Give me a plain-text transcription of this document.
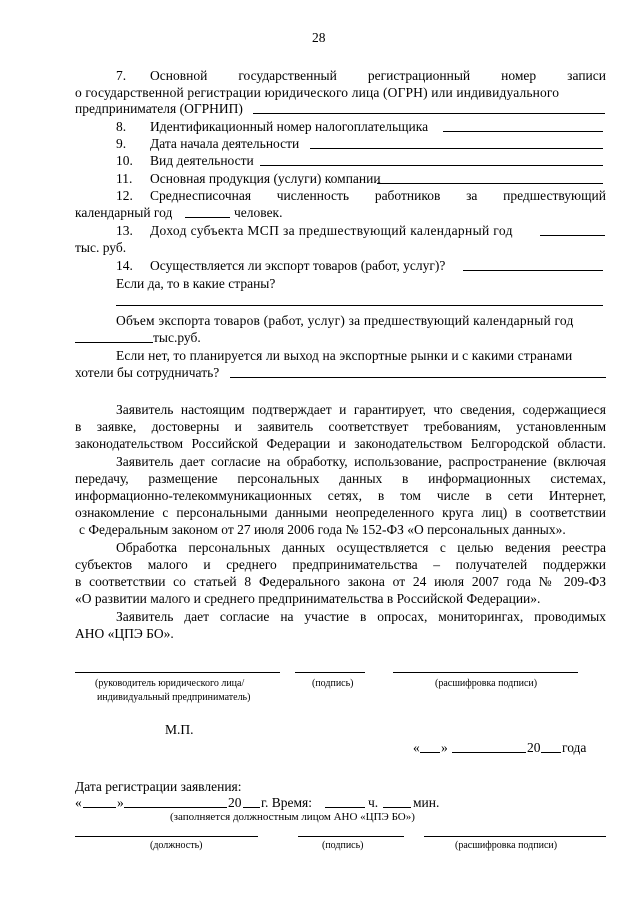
28
7. Основной государственный регистрационный номер записи
о государственной регистрации юридического лица (ОГРН) или индивидуального
предпринимателя (ОГРНИП)
8. Идентификационный номер налогоплательщика
9. Дата начала деятельности
10. Вид деятельности
11. Основная продукция (услуги) компании
12. Среднесписочная численность работников за предшествующий
календарный год	человек.
13. Доход субъекта МСП за предшествующий календарный год
тыс. руб.
14. Осуществляется ли экспорт товаров (работ, услуг)?
Если да, то в какие страны?
Объем экспорта товаров (работ, услуг) за предшествующий календарный год
тыс.руб.
Если нет, то планируется ли выход на экспортные рынки и с какими странами
хотели бы сотрудничать?
Заявитель настоящим подтверждает и гарантирует, что сведения, содержащиеся
в заявке, достоверны и заявитель соответствует требованиям, установленным
законодательством Российской Федерации и законодательством Белгородской области.
Заявитель дает согласие на обработку, использование, распространение (включая
передачу, размещение персональных данных в информационных системах,
информационно-телекоммуникационных сетях, в том числе в сети Интернет,
ознакомление с персональными данными неопределенного круга лиц) в соответствии
с Федеральным законом от 27 июля 2006 года № 152-ФЗ «О персональных данных».
Обработка персональных данных осуществляется с целью ведения реестра
субъектов малого и среднего предпринимательства – получателей поддержки
в соответствии со статьей 8 Федерального закона от 24 июля 2007 года № 209-ФЗ
«О развитии малого и среднего предпринимательства в Российской Федерации».
Заявитель дает согласие на участие в опросах, мониторингах, проводимых
АНО «ЦПЭ БО».
(руководитель юридического лица/
индивидуальный предприниматель)
(подпись)	(расшифровка подписи)
М.П.
« »	20 года
Дата регистрации заявления:
«	»	20 г. Время:	ч.	мин.
(заполняется должностным лицом АНО «ЦПЭ БО»)
(должность)	(подпись)	(расшифровка подписи)
